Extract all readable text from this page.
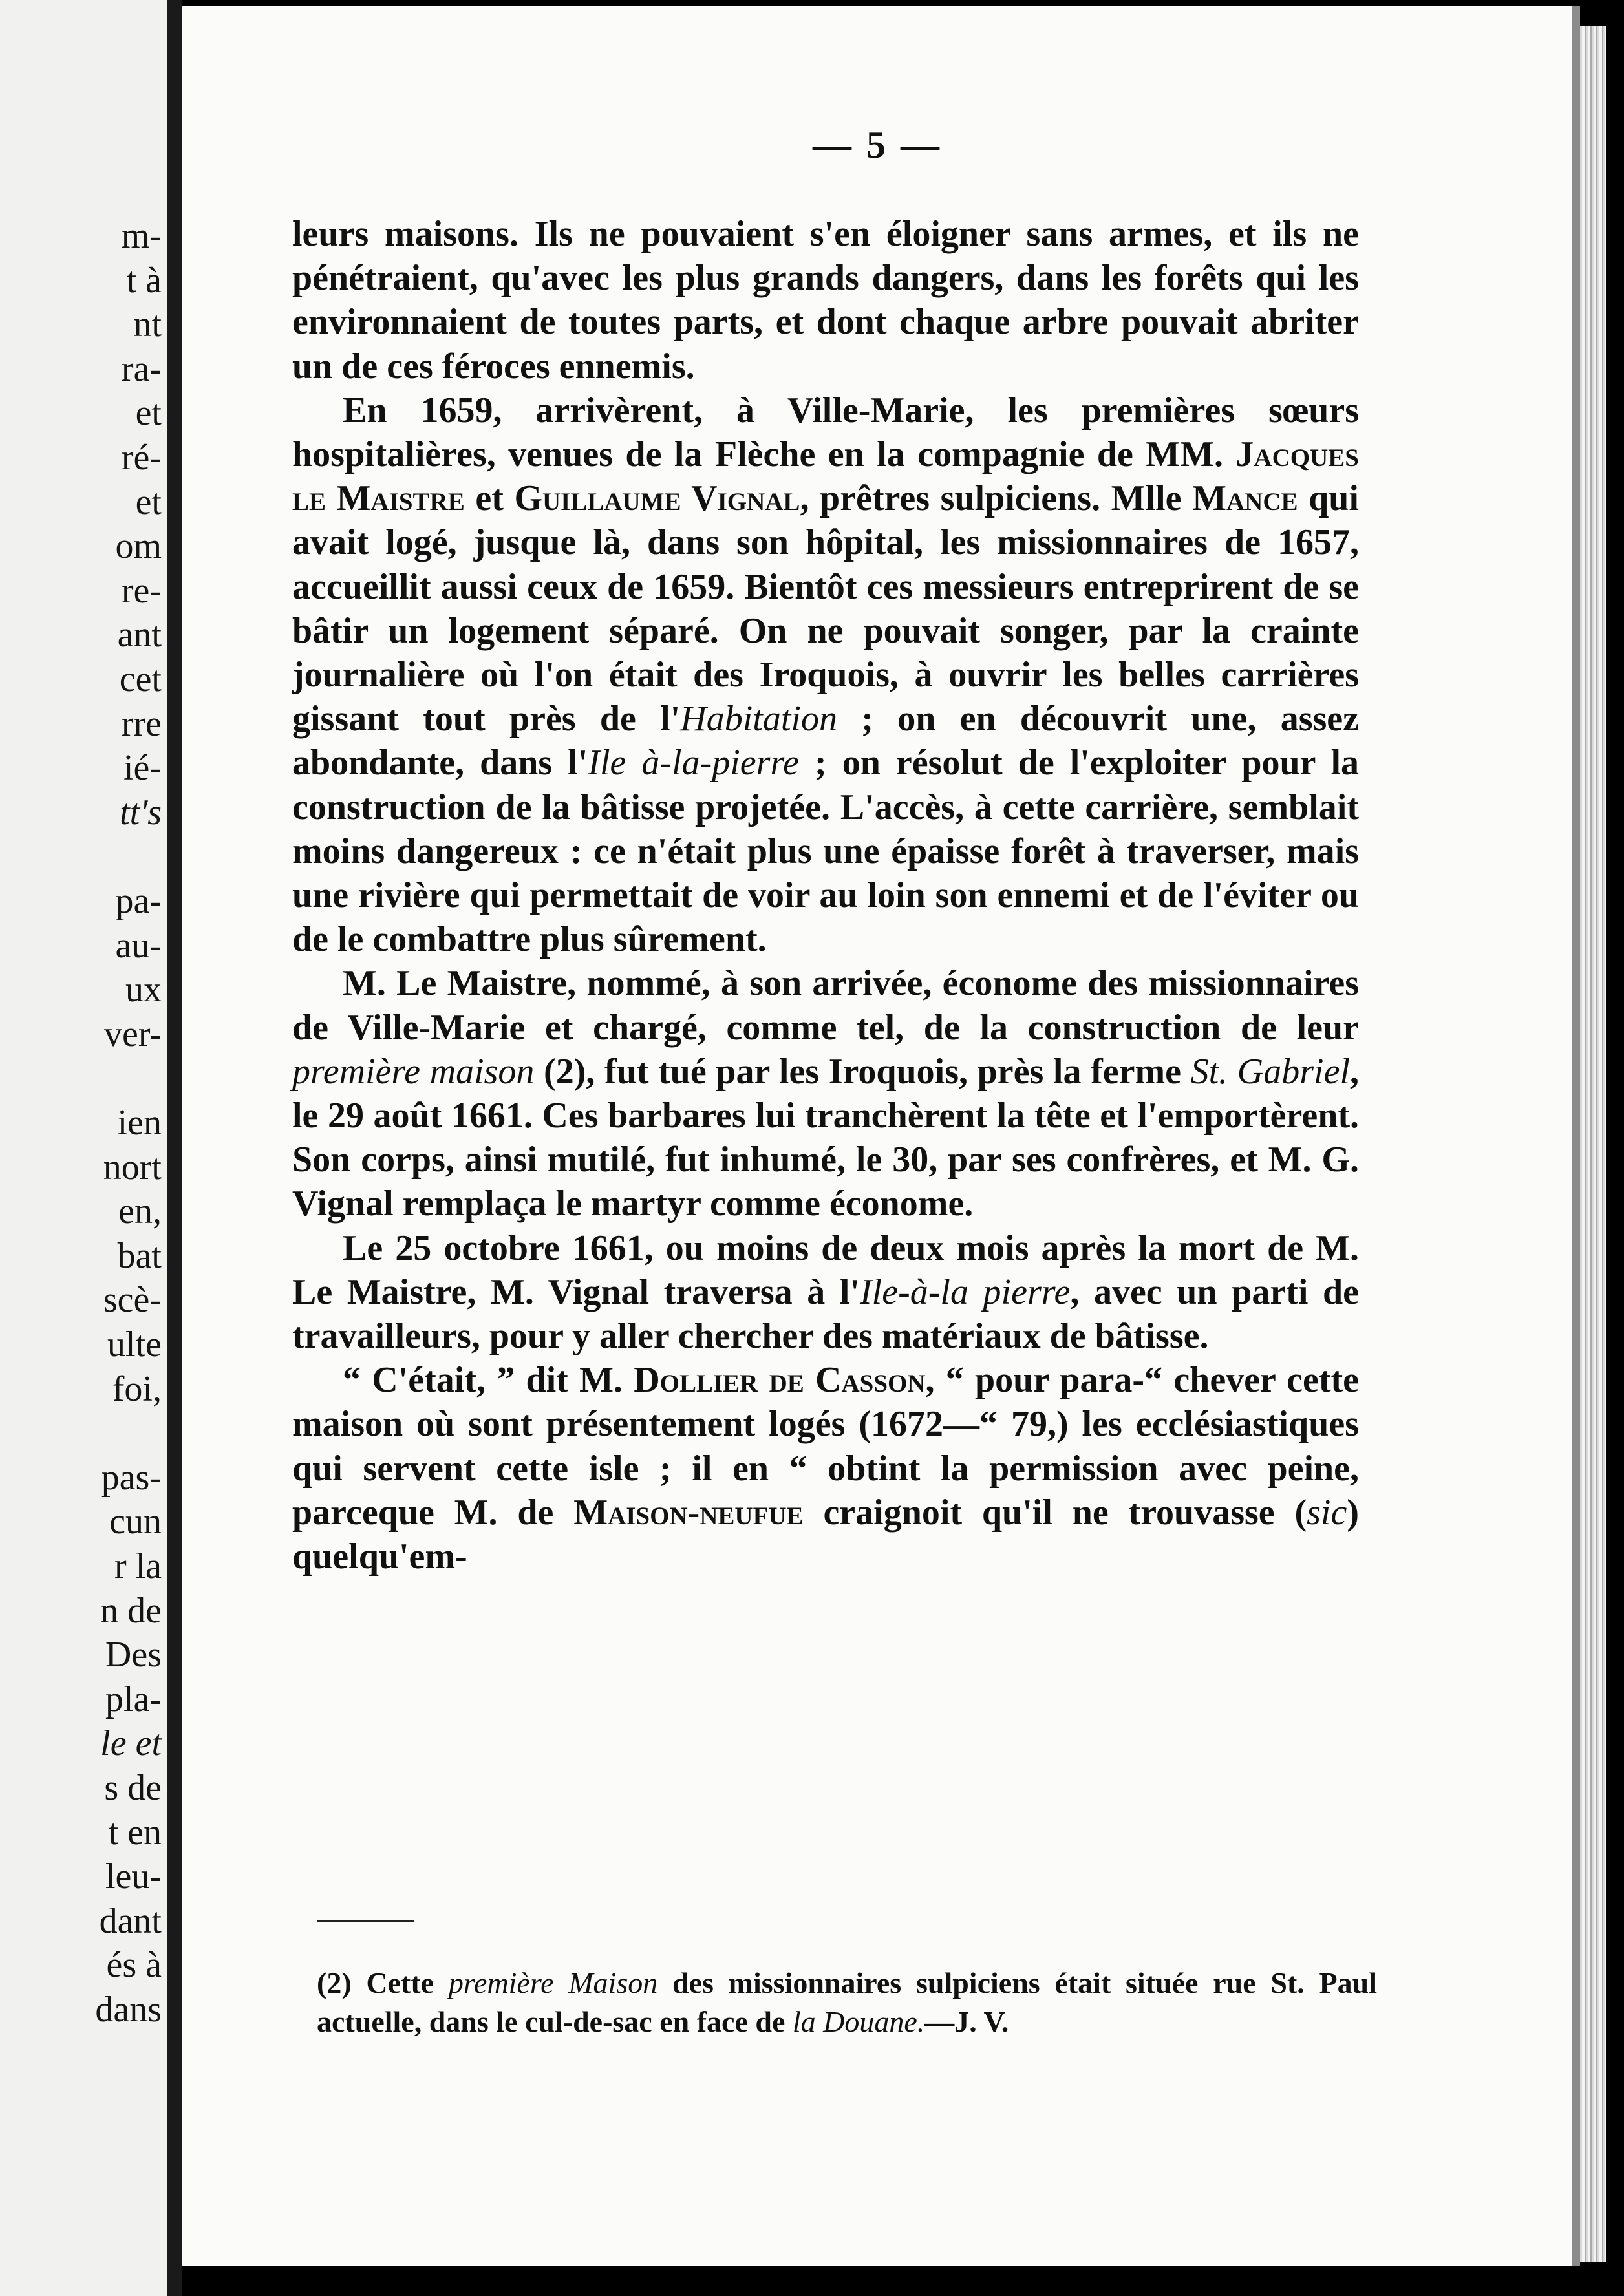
m-
t à
nt
ra-
et
ré-
et
om
re-
ant
cet
rre
ié-
tt's
pa-
au-
ux
ver-
ien
nort
en,
bat
scè-
ulte
foi,
pas-
cun
r la
n de
Des
pla-
le et
s de
t en
leu-
dant
és à
dans
— 5 —

leurs maisons. Ils ne pouvaient s'en éloigner sans armes, et ils ne pénétraient, qu'avec les plus grands dangers, dans les forêts qui les environnaient de toutes parts, et dont chaque arbre pouvait abriter un de ces féroces ennemis.

En 1659, arrivèrent, à Ville-Marie, les premières sœurs hospitalières, venues de la Flèche en la compagnie de MM. Jacques le Maistre et Guillaume Vignal, prêtres sulpiciens. Mlle Mance qui avait logé, jusque là, dans son hôpital, les missionnaires de 1657, accueillit aussi ceux de 1659. Bientôt ces messieurs entreprirent de se bâtir un logement séparé. On ne pouvait songer, par la crainte journalière où l'on était des Iroquois, à ouvrir les belles carrières gissant tout près de l'Habitation ; on en découvrit une, assez abondante, dans l'Ile à-la-pierre ; on résolut de l'exploiter pour la construction de la bâtisse projetée. L'accès, à cette carrière, semblait moins dangereux : ce n'était plus une épaisse forêt à traverser, mais une rivière qui permettait de voir au loin son ennemi et de l'éviter ou de le combattre plus sûrement.

M. Le Maistre, nommé, à son arrivée, économe des missionnaires de Ville-Marie et chargé, comme tel, de la construction de leur première maison (2), fut tué par les Iroquois, près la ferme St. Gabriel, le 29 août 1661. Ces barbares lui tranchèrent la tête et l'emportèrent. Son corps, ainsi mutilé, fut inhumé, le 30, par ses confrères, et M. G. Vignal remplaça le martyr comme économe.

Le 25 octobre 1661, ou moins de deux mois après la mort de M. Le Maistre, M. Vignal traversa à l'Ile-à-la pierre, avec un parti de travailleurs, pour y aller chercher des matériaux de bâtisse.

“ C'était, ” dit M. Dollier de Casson, “ pour para-“ chever cette maison où sont présentement logés (1672—“ 79,) les ecclésiastiques qui servent cette isle ; il en “ obtint la permission avec peine, parceque M. de Maison-neufue craignoit qu'il ne trouvasse (sic) quelqu'em-

(2) Cette première Maison des missionnaires sulpiciens était située rue St. Paul actuelle, dans le cul-de-sac en face de la Douane.—J. V.
